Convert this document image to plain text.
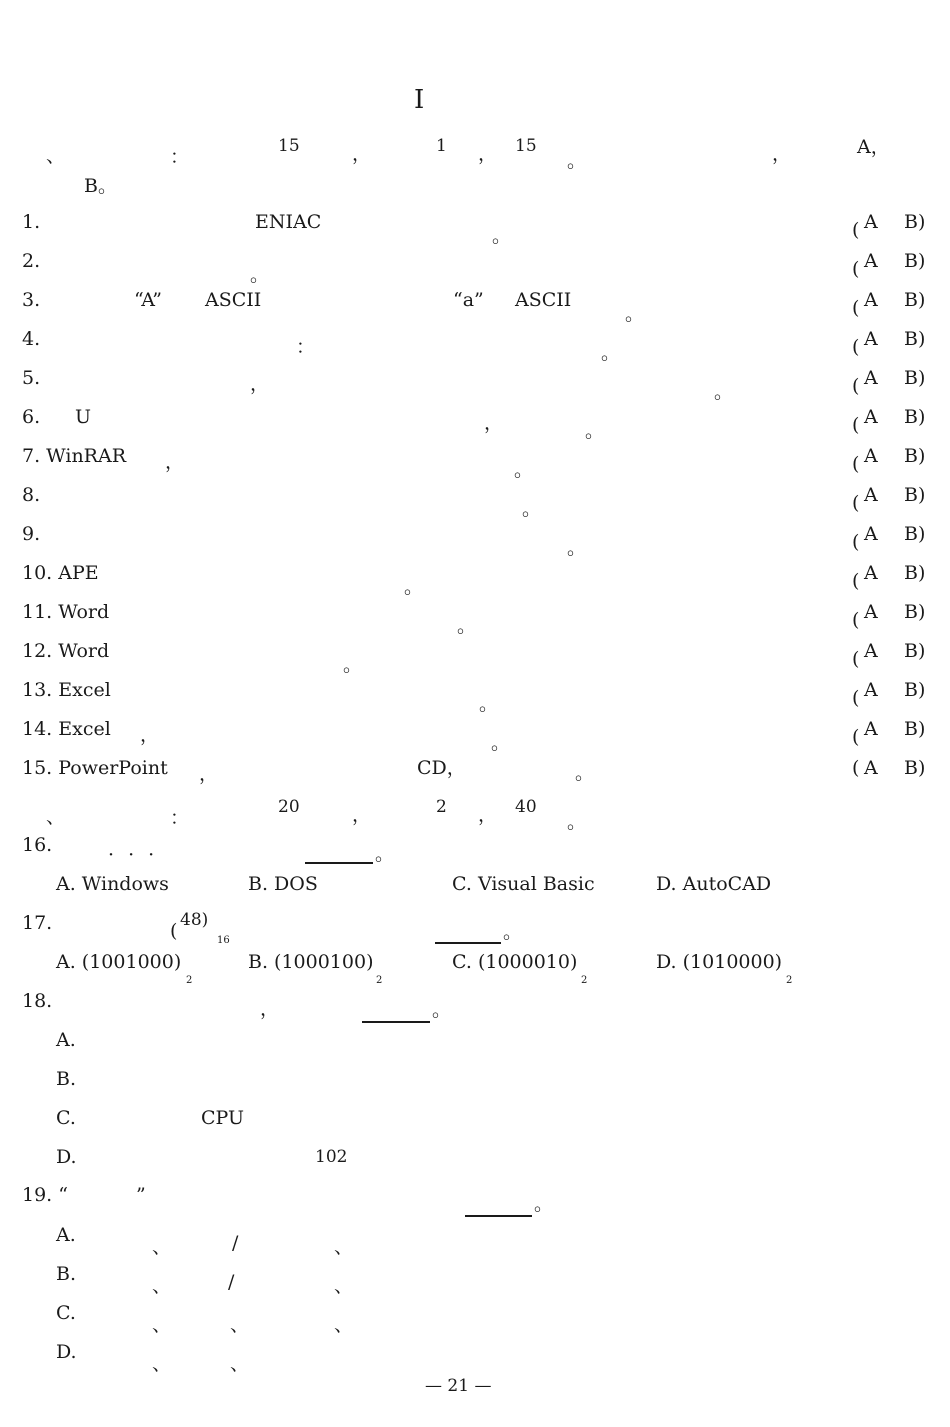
Ⅰ
、	：	15	，	1 ， 15
。	，	A，
B。
1.	ENIAC
。	( A B)
2.
。	( A B)
3.	“A” ASCII	“a” ASCII
。	( A B)
4.	：	。	( A B)
5.	，	。	( A B)
6. U	，	。	( A B)
7. WinRAR ，	。	( A B)
8.
。	( A B)
9.
。	( A B)
10. APE
。	( A B)
11. Word
。	( A B)
12. Word
。	( A B)
13. Excel
。	( A B)
14. Excel ，	。	( A B)
15. PowerPoint ，	CD，	。	( A B)
、	：	20	，	2 ， 40
。
16.	· · ·	。
A. Windows	B. DOS	C. Visual Basic	D. AutoCAD
17.	( 48)
16	。
A. (1001000)
2
B. (1000100)
2
C. (1000010)
2
D. (1010000)
2
18.	，	。
A.
B.
C.	CPU
D.	102
19. “	”	。
A.
、	/	、
B.
、	/	、
C.
、	、	、
D.
、	、
— 21 —
